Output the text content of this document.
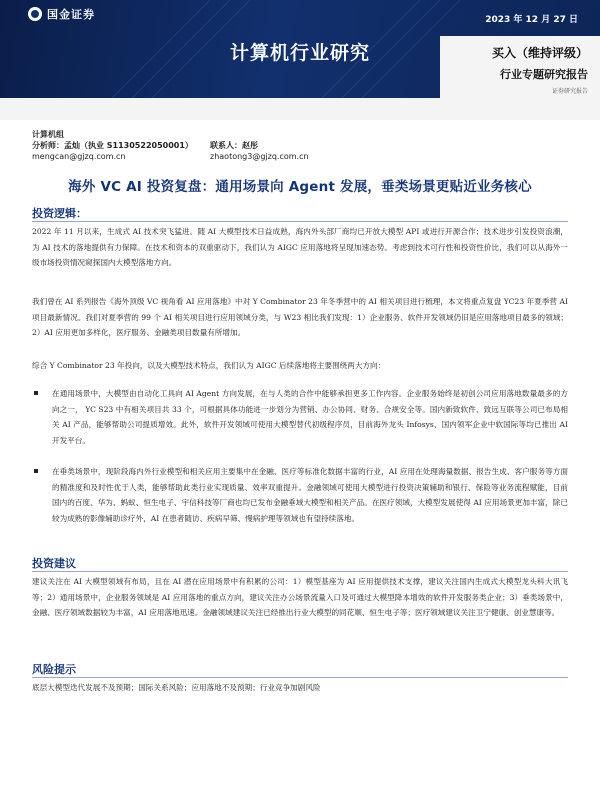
国金证券	2023 年 12 月 27 日
计算机行业研究	买入（维持评级）
行业专题研究报告
证券研究报告
计算机组
分析师：孟灿（执业 S1130522050001）
mengcan@gjzq.com.cn
联系人：赵彤
zhaotong3@gjzq.com.cn
海外 VC AI 投资复盘：通用场景向 Agent 发展，垂类场景更贴近业务核心
投资逻辑：
2022 年 11 月以来，生成式 AI 技术突飞猛进。随 AI 大模型技术日益成熟，海内外头部厂商均已开放大模型 API 或进行开源合作；技术进步引发投资浪潮，为 AI 技术的落地提供有力保障。在技术和资本的双重驱动下，我们认为 AIGC 应用落地将呈现加速态势。考虑到技术可行性和投资性价比，我们可以从海外一级市场投资情况窥探国内大模型落地方向。
我们曾在 AI 系列报告《海外顶级 VC 视角看 AI 应用落地》中对 Y Combinator 23 年冬季营中的 AI 相关项目进行梳理，本文将重点复盘 YC23 年夏季营 AI 项目最新情况。我们对夏季营的 99 个 AI 相关项目进行应用领域分类，与 W23 相比我们发现：1）企业服务、软件开发领域仍旧是应用落地项目最多的领域；2）AI 应用更加多样化，医疗服务、金融类项目数量有所增加。
综合 Y Combinator 23 年投向，以及大模型技术特点，我们认为 AIGC 后续落地将主要围绕两大方向：
在通用场景中，大模型由自动化工具向 AI Agent 方向发展，在与人类的合作中能够承担更多工作内容。企业服务始终是初创公司应用落地数量最多的方向之一， YC S23 中有相关项目共 33 个，可根据具体功能进一步划分为营销、办公协同、财务、合规安全等。国内新致软件、致远互联等公司已布局相关 AI 产品，能够帮助公司提质增效。此外，软件开发领域可使用大模型替代初级程序员，目前海外龙头 Infosys、国内领军企业中软国际等均已推出 AI 开发平台。
在垂类场景中，现阶段海内外行业模型和相关应用主要集中在金融、医疗等标准化数据丰富的行业，AI 应用在处理海量数据、报告生成、客户服务等方面的精准度和及时性优于人类，能够帮助此类行业实现质量、效率双重提升。金融领域可使用大模型进行投资决策辅助和银行、保险等业务流程赋能，目前国内的百度、华为、蚂蚁、恒生电子、宇信科技等厂商也均已发布金融垂域大模型和相关产品。在医疗领域，大模型发展使得 AI 应用场景更加丰富，除已较为成熟的影像辅助诊疗外，AI 在患者随访、疾病早筛、慢病护理等领域也有望持续落地。
投资建议
建议关注在 AI 大模型领域有布局，且在 AI 潜在应用场景中有积累的公司：1）模型基座为 AI 应用提供技术支撑，建议关注国内生成式大模型龙头科大讯飞等；2）通用场景中，企业服务领域是 AI 应用落地的重点方向，建议关注办公场景流量入口及可通过大模型降本增效的软件开发服务类企业；3）垂类场景中，金融、医疗领域数据较为丰富，AI 应用落地迅速。金融领域建议关注已经推出行业大模型的同花顺、恒生电子等；医疗领域建议关注卫宁健康、创业慧康等。
风险提示
底层大模型迭代发展不及预期；国际关系风险；应用落地不及预期；行业竞争加剧风险
